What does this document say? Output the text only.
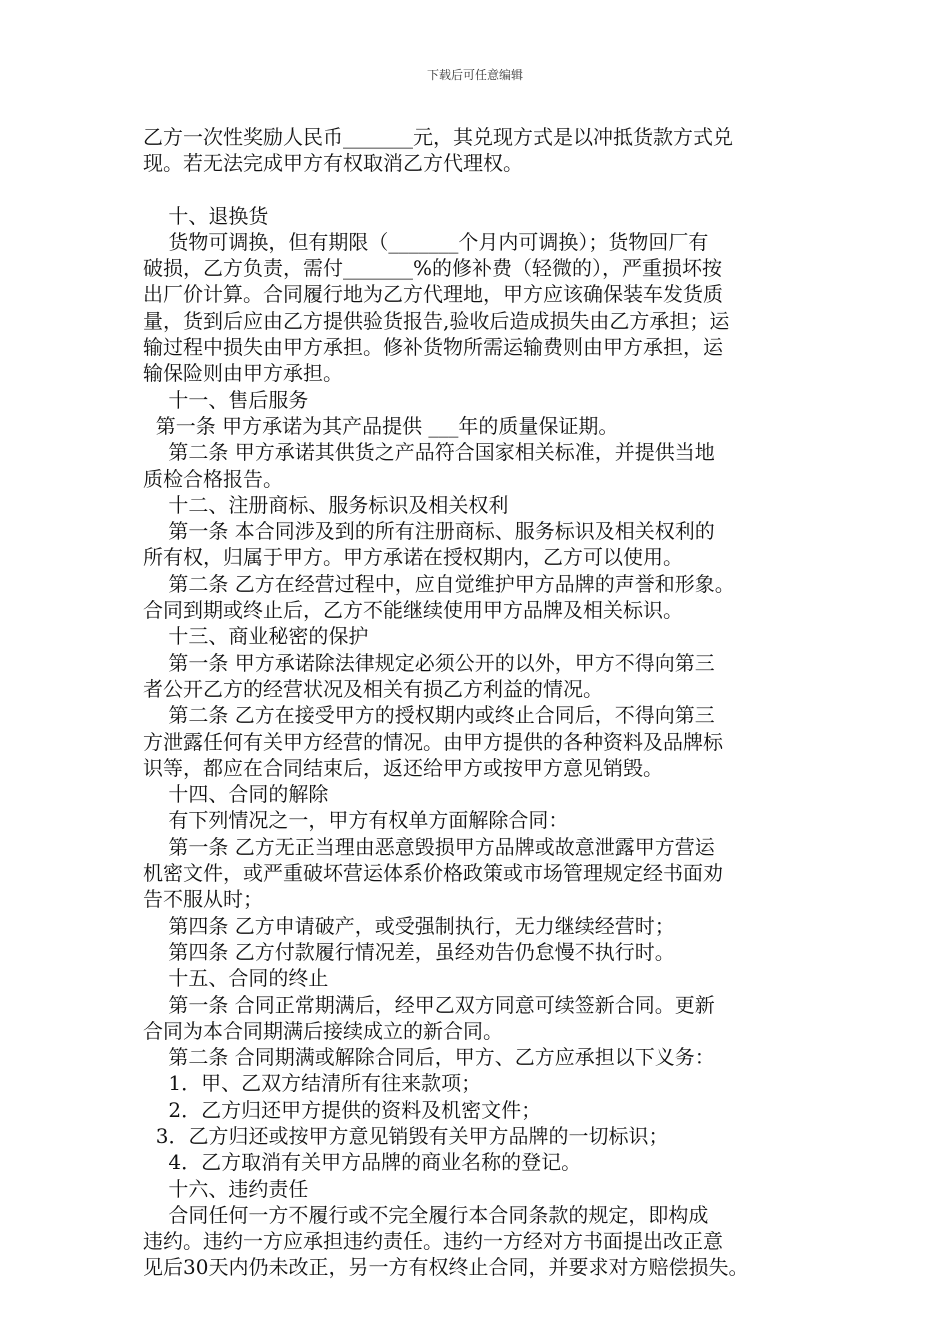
下载后可任意编辑
乙方一次性奖励人民币_______元，其兑现方式是以冲抵货款方式兑
现。若无法完成甲方有权取消乙方代理权。
十、退换货
货物可调换，但有期限（_______个月内可调换）；货物回厂有
破损，乙方负责，需付_______%的修补费（轻微的），严重损坏按
出厂价计算。合同履行地为乙方代理地，甲方应该确保装车发货质
量，货到后应由乙方提供验货报告,验收后造成损失由乙方承担；运
输过程中损失由甲方承担。修补货物所需运输费则由甲方承担，运
输保险则由甲方承担。
十一、售后服务
第一条 甲方承诺为其产品提供 ___年的质量保证期。
第二条 甲方承诺其供货之产品符合国家相关标准，并提供当地
质检合格报告。
十二、注册商标、服务标识及相关权利
第一条 本合同涉及到的所有注册商标、服务标识及相关权利的
所有权，归属于甲方。甲方承诺在授权期内，乙方可以使用。
第二条 乙方在经营过程中，应自觉维护甲方品牌的声誉和形象。
合同到期或终止后，乙方不能继续使用甲方品牌及相关标识。
十三、商业秘密的保护
第一条 甲方承诺除法律规定必须公开的以外，甲方不得向第三
者公开乙方的经营状况及相关有损乙方利益的情况。
第二条 乙方在接受甲方的授权期内或终止合同后，不得向第三
方泄露任何有关甲方经营的情况。由甲方提供的各种资料及品牌标
识等，都应在合同结束后，返还给甲方或按甲方意见销毁。
十四、合同的解除
有下列情况之一，甲方有权单方面解除合同：
第一条 乙方无正当理由恶意毁损甲方品牌或故意泄露甲方营运
机密文件，或严重破坏营运体系价格政策或市场管理规定经书面劝
告不服从时；
第四条 乙方申请破产，或受强制执行，无力继续经营时；
第四条 乙方付款履行情况差，虽经劝告仍怠慢不执行时。
十五、合同的终止
第一条 合同正常期满后，经甲乙双方同意可续签新合同。更新
合同为本合同期满后接续成立的新合同。
第二条 合同期满或解除合同后，甲方、乙方应承担以下义务：
1．甲、乙双方结清所有往来款项；
2．乙方归还甲方提供的资料及机密文件；
3．乙方归还或按甲方意见销毁有关甲方品牌的一切标识；
4．乙方取消有关甲方品牌的商业名称的登记。
十六、违约责任
合同任何一方不履行或不完全履行本合同条款的规定，即构成
违约。违约一方应承担违约责任。违约一方经对方书面提出改正意
见后30天内仍未改正，另一方有权终止合同，并要求对方赔偿损失。
